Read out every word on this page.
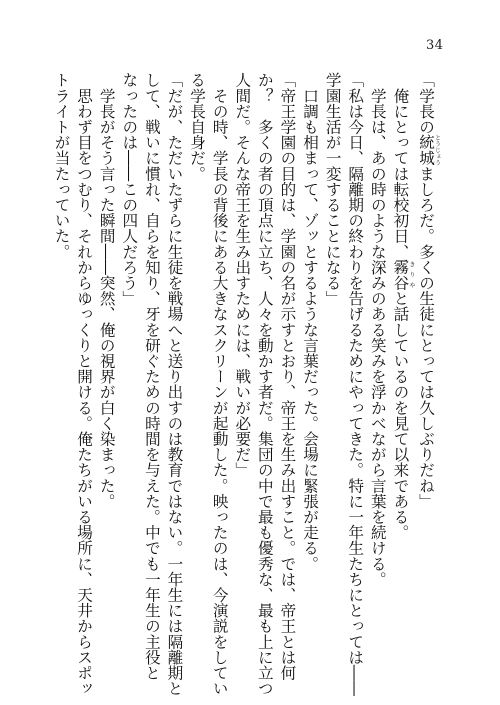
34
「学長の統城とうじょうましろだ。多くの生徒にとっては久しぶりだね」
　俺にとっては転校初日、霧谷きりやと話しているのを見て以来である。
　学長は、あの時のような深みのある笑みを浮かべながら言葉を続ける。
「私は今日、隔離期の終わりを告げるためにやってきた。特に一年生たちにとっては――
学園生活が一変することになる」
　口調も相まって、ゾッとするような言葉だった。会場に緊張が走る。
「帝王学園の目的は、学園の名が示すとおり、帝王を生み出すこと。では、帝王とは何
か？　多くの者の頂点に立ち、人々を動かす者だ。集団の中で最も優秀な、最も上に立つ
人間だ。そんな帝王を生み出すためには、戦いが必要だ」
　その時、学長の背後にある大きなスクリーンが起動した。映ったのは、今演説をしてい
る学長自身だ。
「だが、ただいたずらに生徒を戦場へと送り出すのは教育ではない。一年生には隔離期と
して、戦いに慣れ、自らを知り、牙を研ぐための時間を与えた。中でも一年生の主役と
なったのは――この四人だろう」
　学長がそう言った瞬間――突然、俺の視界が白く染まった。
　思わず目をつむり、それからゆっくりと開ける。俺たちがいる場所に、天井からスポッ
トライトが当たっていた。
